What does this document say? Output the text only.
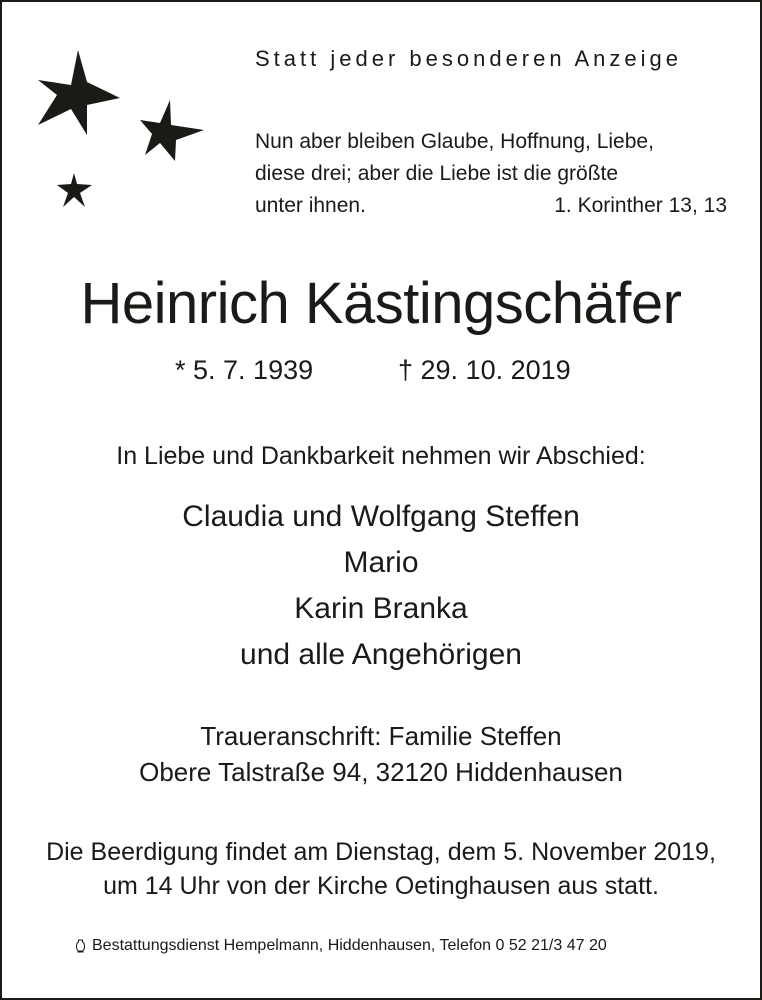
Statt jeder besonderen Anzeige
Nun aber bleiben Glaube, Hoffnung, Liebe,
diese drei; aber die Liebe ist die größte
unter ihnen.	1. Korinther 13, 13
Heinrich Kästingschäfer
* 5. 7. 1939	† 29. 10. 2019
In Liebe und Dankbarkeit nehmen wir Abschied:
Claudia und Wolfgang Steffen
Mario
Karin Branka
und alle Angehörigen
Traueranschrift: Familie Steffen
Obere Talstraße 94, 32120 Hiddenhausen
Die Beerdigung findet am Dienstag, dem 5. November 2019,
um 14 Uhr von der Kirche Oetinghausen aus statt.
Bestattungsdienst Hempelmann, Hiddenhausen, Telefon 0 52 21/3 47 20
